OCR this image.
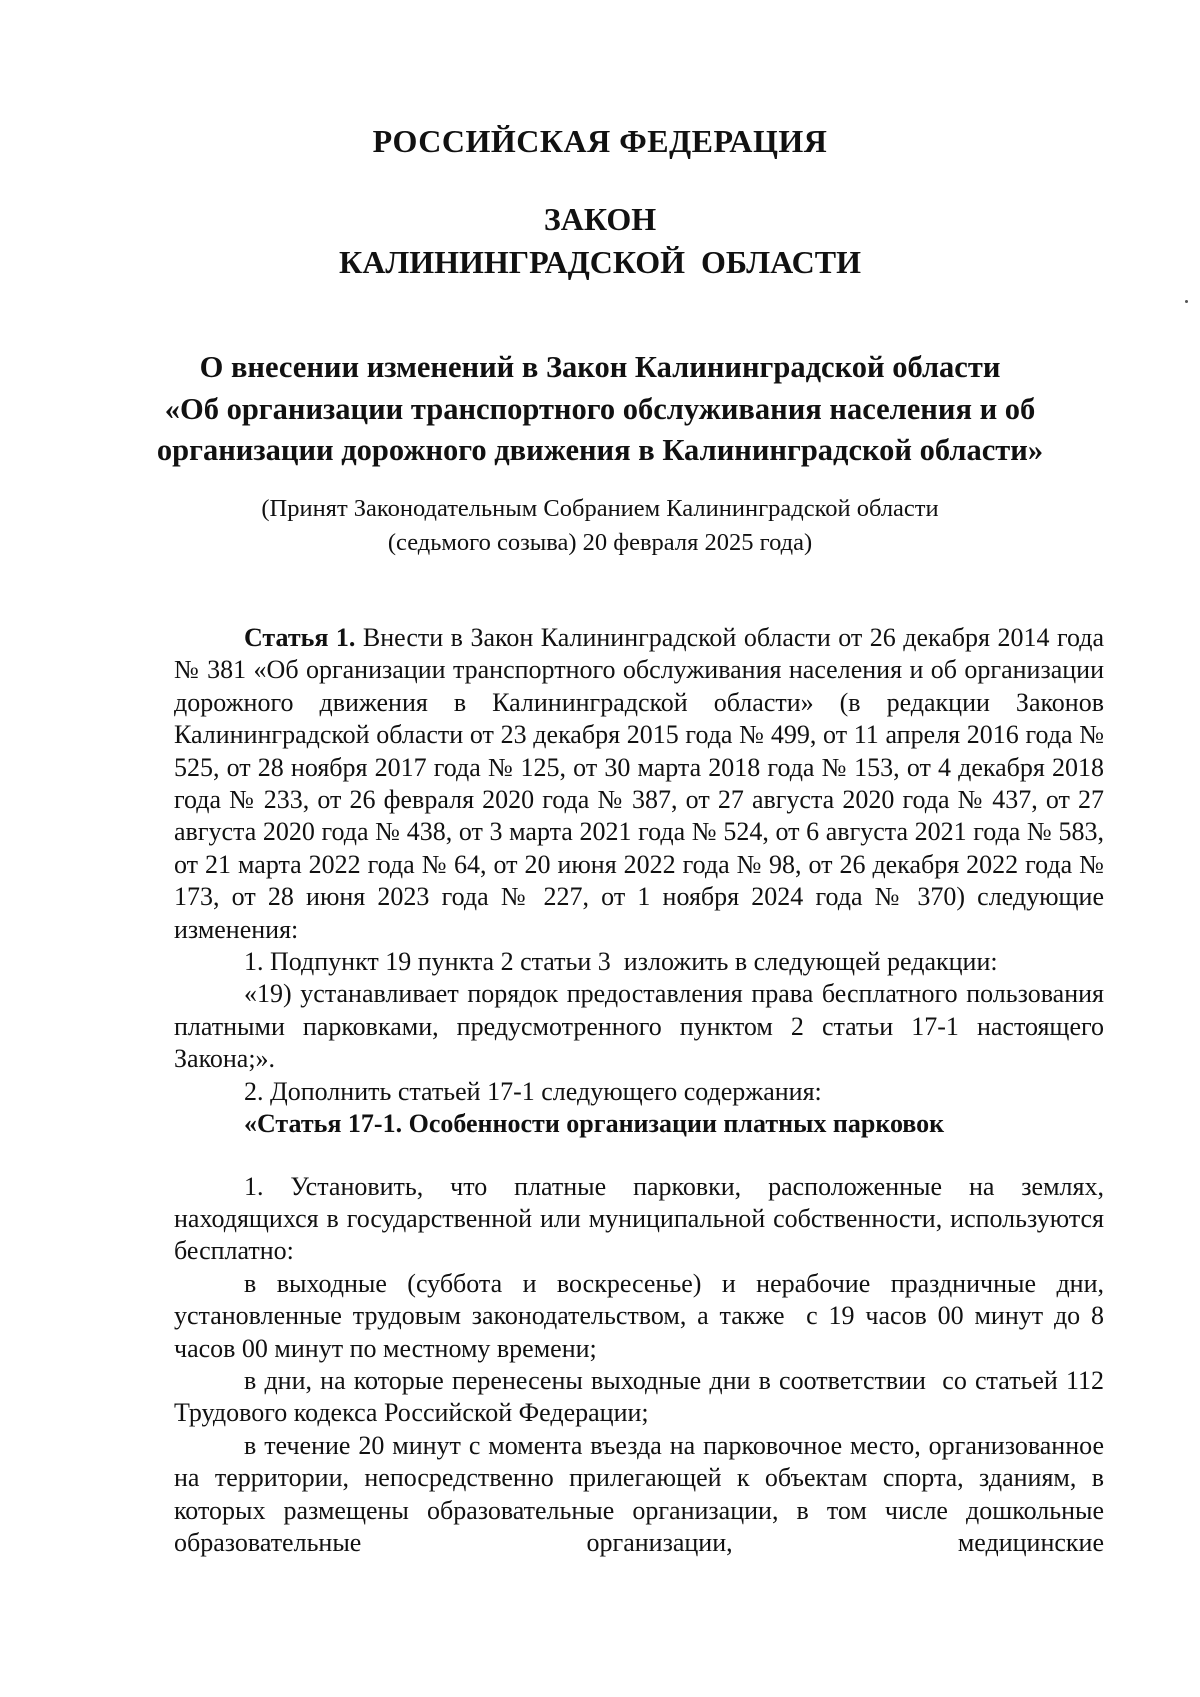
РОССИЙСКАЯ ФЕДЕРАЦИЯ
ЗАКОН
КАЛИНИНГРАДСКОЙ  ОБЛАСТИ
О внесении изменений в Закон Калининградской области
«Об организации транспортного обслуживания населения и об
организации дорожного движения в Калининградской области»
(Принят Законодательным Собранием Калининградской области
(седьмого созыва) 20 февраля 2025 года)

Статья 1. Внести в Закон Калининградской области от 26 декабря 2014 года № 381 «Об организации транспортного обслуживания населения и об организации дорожного движения в Калининградской области» (в редакции Законов Калининградской области от 23 декабря 2015 года № 499, от 11 апреля 2016 года № 525, от 28 ноября 2017 года № 125, от 30 марта 2018 года № 153, от 4 декабря 2018 года № 233, от 26 февраля 2020 года № 387, от 27 августа 2020 года № 437, от 27 августа 2020 года № 438, от 3 марта 2021 года № 524, от 6 августа 2021 года № 583, от 21 марта 2022 года № 64, от 20 июня 2022 года № 98, от 26 декабря 2022 года № 173, от 28 июня 2023 года № 227, от 1 ноября 2024 года № 370) следующие изменения:

1. Подпункт 19 пункта 2 статьи 3  изложить в следующей редакции:

«19) устанавливает порядок предоставления права бесплатного пользования платными парковками, предусмотренного пунктом 2 статьи 17-1 настоящего Закона;».

2. Дополнить статьей 17-1 следующего содержания:

«Статья 17-1. Особенности организации платных парковок

1. Установить, что платные парковки, расположенные на землях, находящихся в государственной или муниципальной собственности, используются бесплатно:

в выходные (суббота и воскресенье) и нерабочие праздничные дни, установленные трудовым законодательством, а также  с 19 часов 00 минут до 8 часов 00 минут по местному времени;

в дни, на которые перенесены выходные дни в соответствии  со статьей 112 Трудового кодекса Российской Федерации;

в течение 20 минут с момента въезда на парковочное место, организованное на территории, непосредственно прилегающей к объектам спорта, зданиям, в которых размещены образовательные организации, в том числе дошкольные образовательные организации, медицинские
